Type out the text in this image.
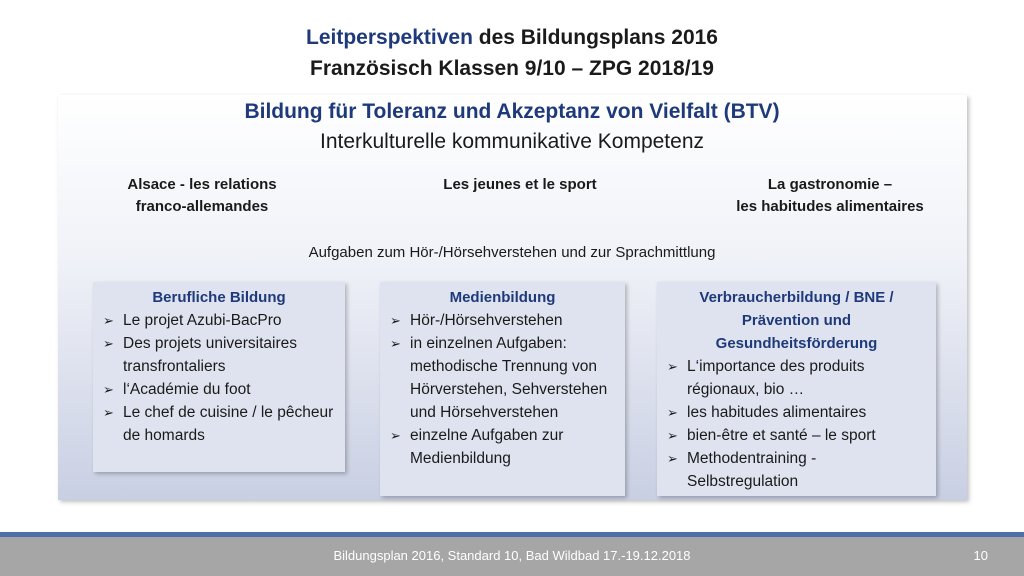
Leitperspektiven des Bildungsplans 2016
Französisch Klassen 9/10 – ZPG 2018/19
Bildung für Toleranz und Akzeptanz von Vielfalt (BTV)
Interkulturelle kommunikative Kompetenz
Alsace - les relations
franco-allemandes
Les jeunes et le sport	La gastronomie –
les habitudes alimentaires
Aufgaben zum Hör-/Hörsehverstehen und zur Sprachmittlung
Berufliche Bildung
➢ Le projet Azubi-BacPro
➢ Des projets universitaires transfrontaliers
➢ l‘Académie du foot
➢ Le chef de cuisine / le pêcheur de homards
Medienbildung
➢ Hör-/Hörsehverstehen
➢ in einzelnen Aufgaben: methodische Trennung von Hörverstehen, Sehverstehen und Hörsehverstehen
➢ einzelne Aufgaben zur Medienbildung
Verbraucherbildung / BNE / Prävention und Gesundheitsförderung
➢ L‘importance des produits régionaux, bio …
➢ les habitudes alimentaires
➢ bien-être et santé – le sport
➢ Methodentraining - Selbstregulation
Bildungsplan 2016, Standard 10, Bad Wildbad 17.-19.12.2018	10
